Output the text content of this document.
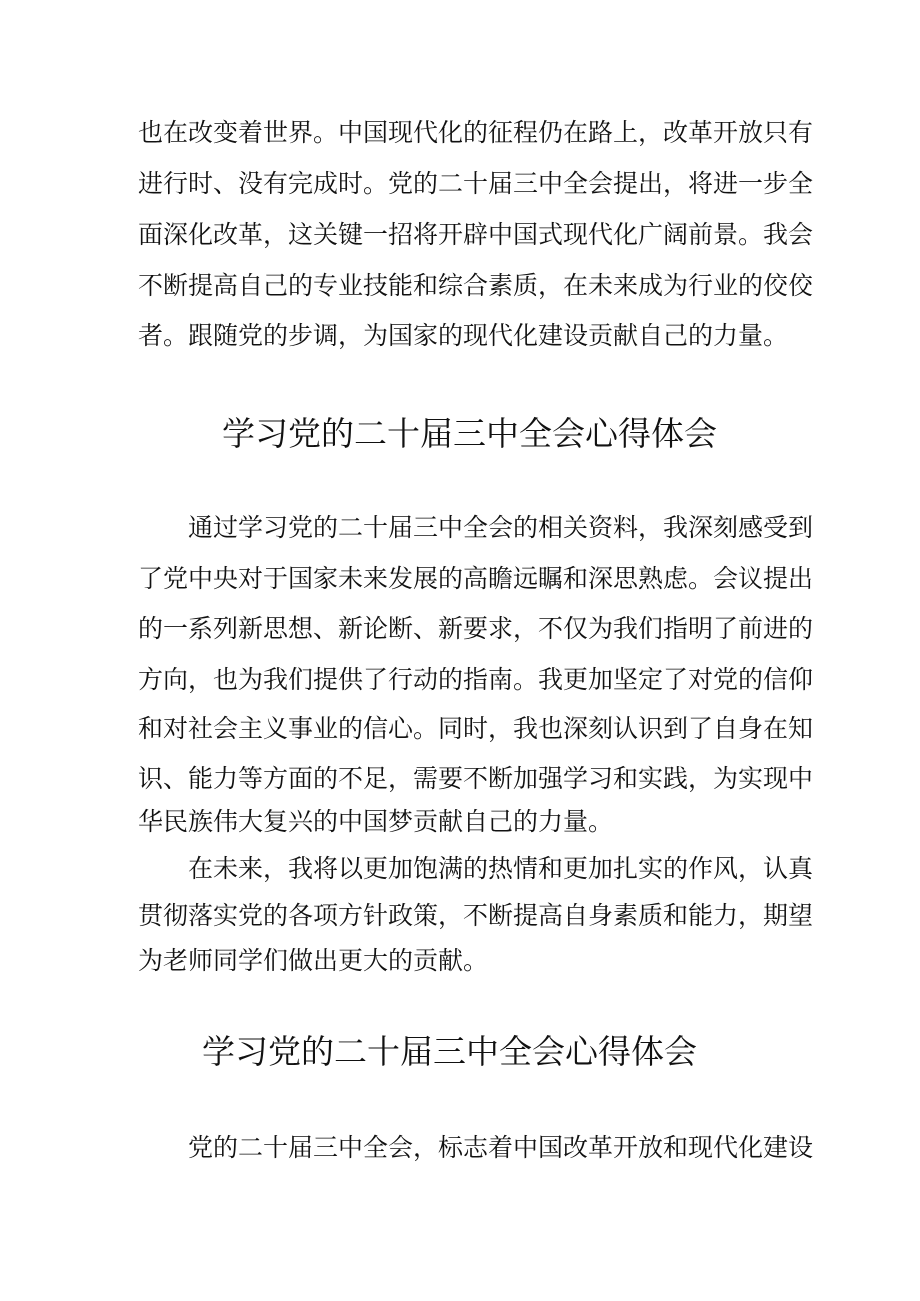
也在改变着世界。中国现代化的征程仍在路上，改革开放只有
进行时、没有完成时。党的二十届三中全会提出，将进一步全
面深化改革，这关键一招将开辟中国式现代化广阔前景。我会
不断提高自己的专业技能和综合素质，在未来成为行业的佼佼
者。跟随党的步调，为国家的现代化建设贡献自己的力量。
学习党的二十届三中全会心得体会
通过学习党的二十届三中全会的相关资料，我深刻感受到
了党中央对于国家未来发展的高瞻远瞩和深思熟虑。会议提出
的一系列新思想、新论断、新要求，不仅为我们指明了前进的
方向，也为我们提供了行动的指南。我更加坚定了对党的信仰
和对社会主义事业的信心。同时，我也深刻认识到了自身在知
识、能力等方面的不足，需要不断加强学习和实践，为实现中
华民族伟大复兴的中国梦贡献自己的力量。
在未来，我将以更加饱满的热情和更加扎实的作风，认真
贯彻落实党的各项方针政策，不断提高自身素质和能力，期望
为老师同学们做出更大的贡献。
学习党的二十届三中全会心得体会
党的二十届三中全会，标志着中国改革开放和现代化建设
